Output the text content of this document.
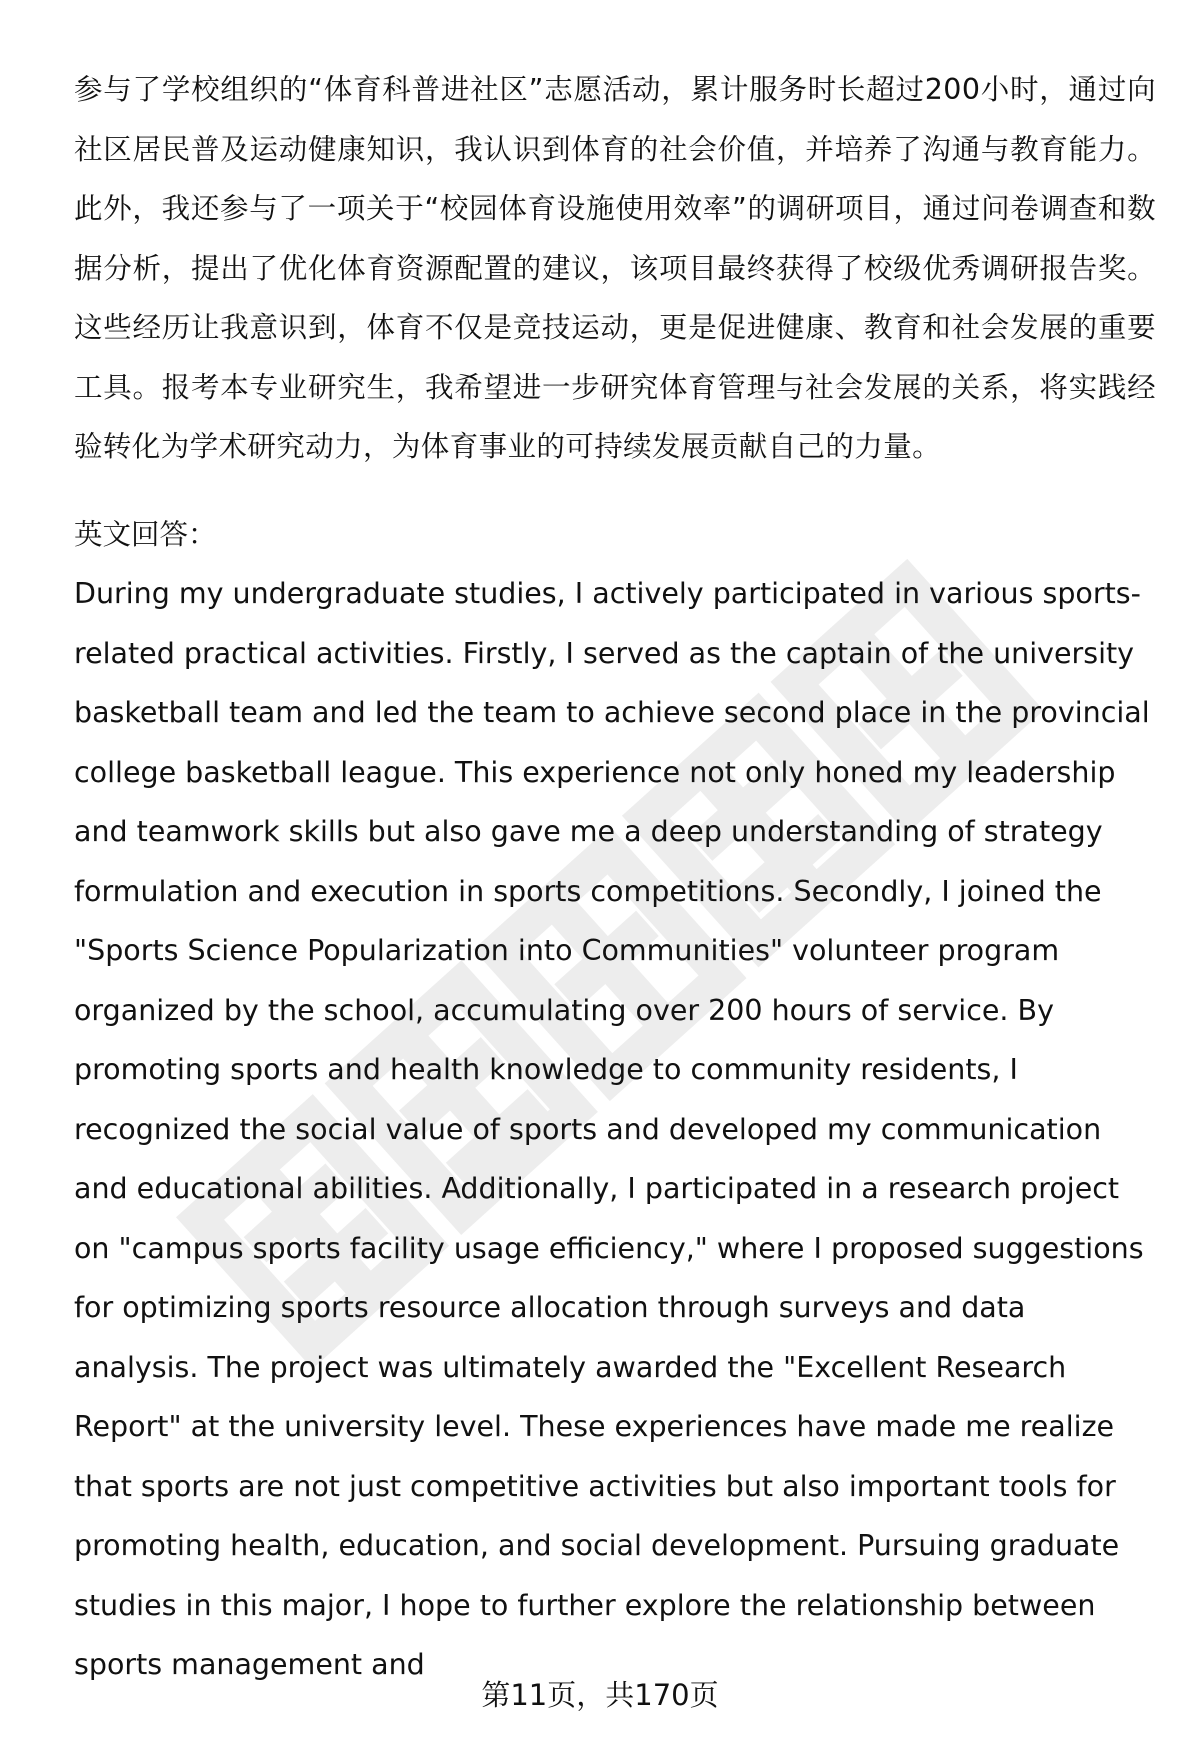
参与了学校组织的“体育科普进社区”志愿活动，累计服务时长超过200小时，通过向社区居民普及运动健康知识，我认识到体育的社会价值，并培养了沟通与教育能力。此外，我还参与了一项关于“校园体育设施使用效率”的调研项目，通过问卷调查和数据分析，提出了优化体育资源配置的建议，该项目最终获得了校级优秀调研报告奖。这些经历让我意识到，体育不仅是竞技运动，更是促进健康、教育和社会发展的重要工具。报考本专业研究生，我希望进一步研究体育管理与社会发展的关系，将实践经验转化为学术研究动力，为体育事业的可持续发展贡献自己的力量。

英文回答：

During my undergraduate studies, I actively participated in various sports-related practical activities. Firstly, I served as the captain of the university basketball team and led the team to achieve second place in the provincial college basketball league. This experience not only honed my leadership and teamwork skills but also gave me a deep understanding of strategy formulation and execution in sports competitions. Secondly, I joined the "Sports Science Popularization into Communities" volunteer program organized by the school, accumulating over 200 hours of service. By promoting sports and health knowledge to community residents, I recognized the social value of sports and developed my communication and educational abilities. Additionally, I participated in a research project on "campus sports facility usage efficiency," where I proposed suggestions for optimizing sports resource allocation through surveys and data analysis. The project was ultimately awarded the "Excellent Research Report" at the university level. These experiences have made me realize that sports are not just competitive activities but also important tools for promoting health, education, and social development. Pursuing graduate studies in this major, I hope to further explore the relationship between sports management and

第11页，共170页
